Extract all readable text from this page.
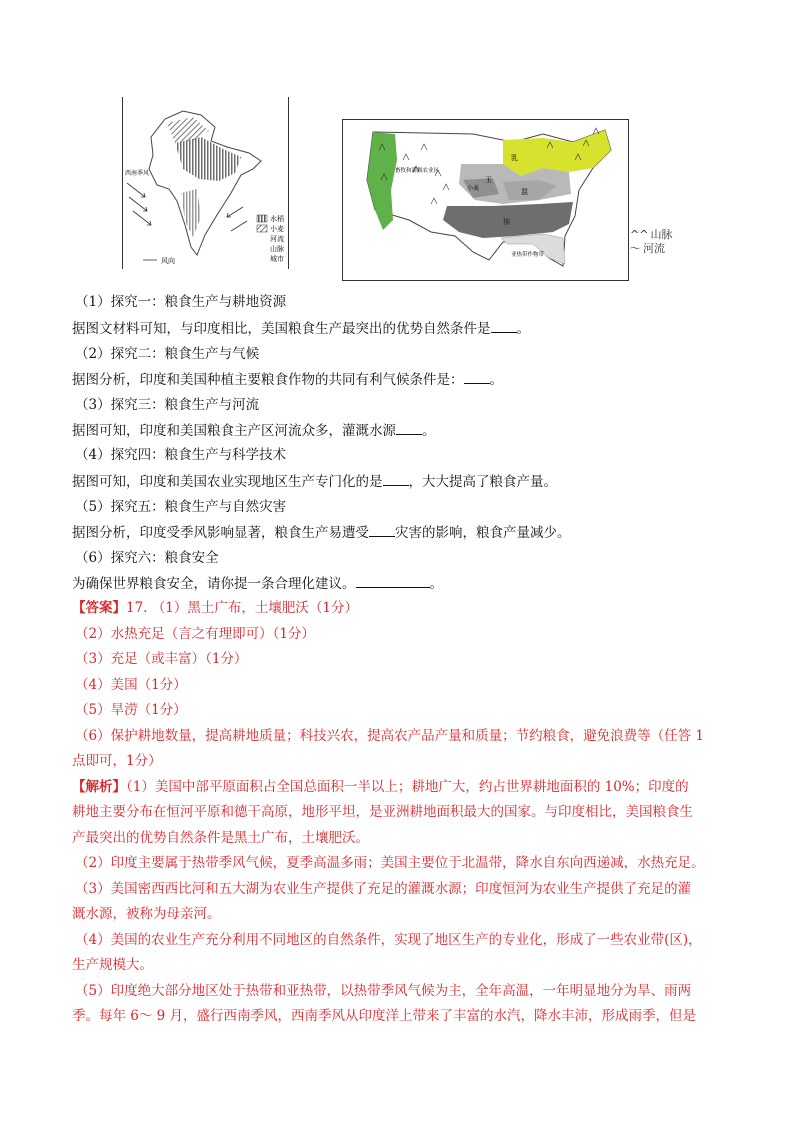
水稻
小麦
河流
山脉
城市
西南季风
风向
畜牧和灌溉农业区
乳
小麦
玉
混
棉
亚热带作物带
^^ 山脉
～ 河流
（1）探究一：粮食生产与耕地资源
据图文材料可知，与印度相比，美国粮食生产最突出的优势自然条件是 。
（2）探究二：粮食生产与气候
据图分析，印度和美国种植主要粮食作物的共同有利气候条件是： 。
（3）探究三：粮食生产与河流
据图可知，印度和美国粮食主产区河流众多，灌溉水源 。
（4）探究四：粮食生产与科学技术
据图可知，印度和美国农业实现地区生产专门化的是 ，大大提高了粮食产量。
（5）探究五：粮食生产与自然灾害
据图分析，印度受季风影响显著，粮食生产易遭受 灾害的影响，粮食产量减少。
（6）探究六：粮食安全
为确保世界粮食安全，请你提一条合理化建议。	。
【答案】17. （1）黑土广布，土壤肥沃（1分）
（2）水热充足（言之有理即可）（1分）
（3）充足（或丰富）（1分）
（4）美国（1分）
（5）旱涝（1分）
（6）保护耕地数量，提高耕地质量；科技兴农，提高农产品产量和质量；节约粮食，避免浪费等（任答 1
点即可，1分）
【解析】（1）美国中部平原面积占全国总面积一半以上；耕地广大，约占世界耕地面积的 10%；印度的
耕地主要分布在恒河平原和德干高原，地形平坦，是亚洲耕地面积最大的国家。与印度相比，美国粮食生
产最突出的优势自然条件是黑土广布，土壤肥沃。
（2）印度主要属于热带季风气候，夏季高温多雨；美国主要位于北温带，降水自东向西递减，水热充足。
（3）美国密西西比河和五大湖为农业生产提供了充足的灌溉水源；印度恒河为农业生产提供了充足的灌
溉水源，被称为母亲河。
（4）美国的农业生产充分利用不同地区的自然条件，实现了地区生产的专业化，形成了一些农业带(区)，
生产规模大。
（5）印度绝大部分地区处于热带和亚热带，以热带季风气候为主，全年高温，一年明显地分为旱、雨两
季。每年 6～ 9 月，盛行西南季风，西南季风从印度洋上带来了丰富的水汽，降水丰沛，形成雨季，但是
